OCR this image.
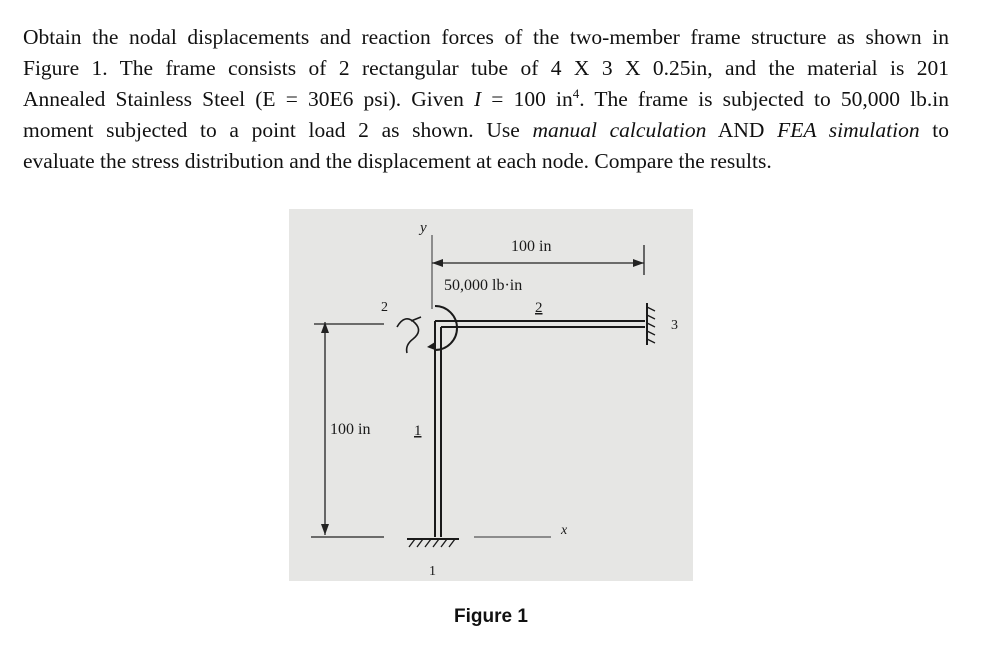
Obtain the nodal displacements and reaction forces of the two-member frame structure as shown in
Figure 1. The frame consists of 2 rectangular tube of 4 X 3 X 0.25in, and the material is 201
Annealed Stainless Steel (E = 30E6 psi). Given I = 100 $in^4$. The frame is subjected to 50,000 lb.in
moment subjected to a point load 2 as shown. Use manual calculation AND FEA simulation to
evaluate the stress distribution and the displacement at each node. Compare the results.
y
100 in
50,000 lb·in
2
2
3
100 in	1
x
1
Figure 1
